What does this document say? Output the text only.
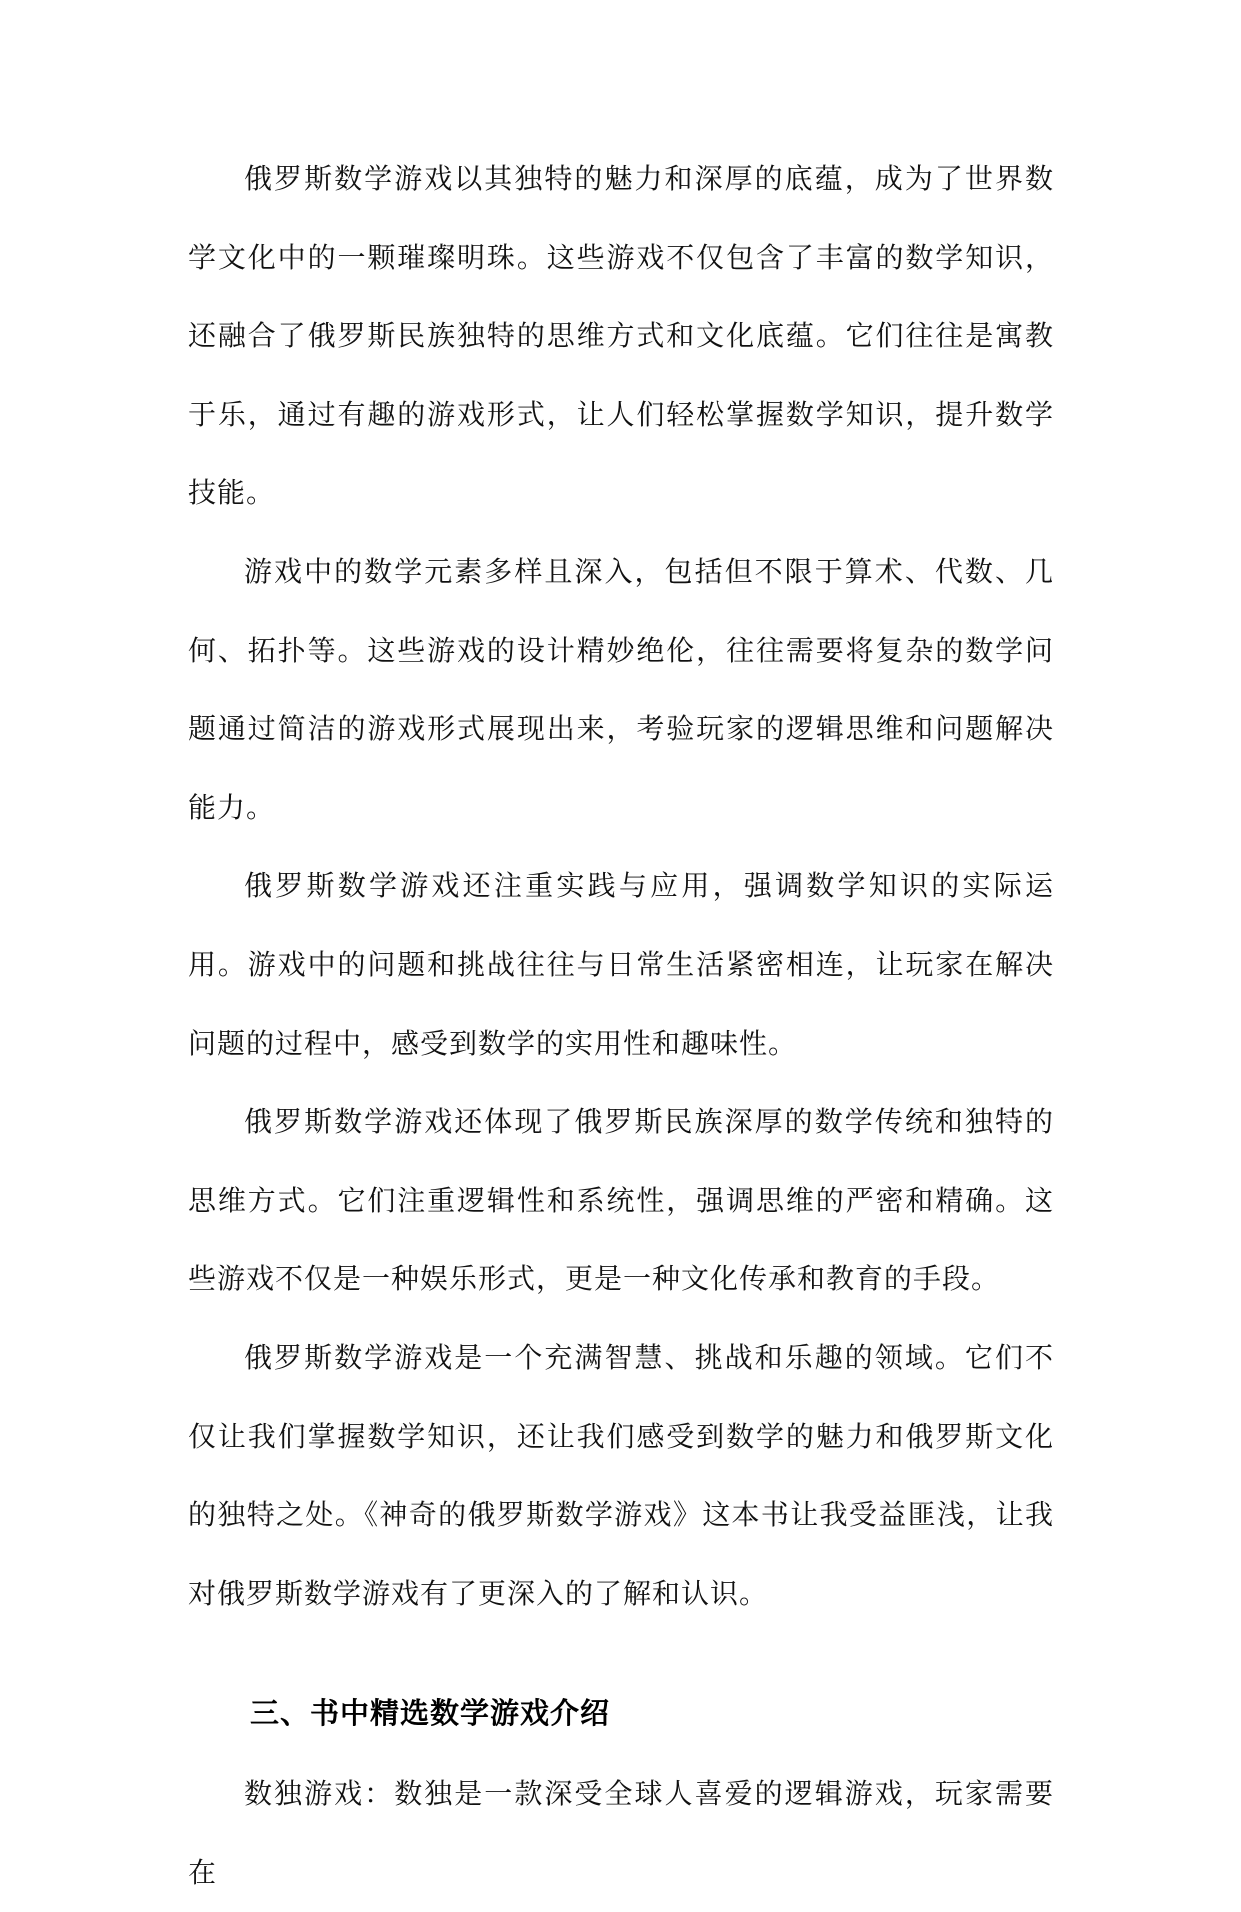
俄罗斯数学游戏以其独特的魅力和深厚的底蕴，成为了世界数学文化中的一颗璀璨明珠。这些游戏不仅包含了丰富的数学知识，还融合了俄罗斯民族独特的思维方式和文化底蕴。它们往往是寓教于乐，通过有趣的游戏形式，让人们轻松掌握数学知识，提升数学技能。

游戏中的数学元素多样且深入，包括但不限于算术、代数、几何、拓扑等。这些游戏的设计精妙绝伦，往往需要将复杂的数学问题通过简洁的游戏形式展现出来，考验玩家的逻辑思维和问题解决能力。

俄罗斯数学游戏还注重实践与应用，强调数学知识的实际运用。游戏中的问题和挑战往往与日常生活紧密相连，让玩家在解决问题的过程中，感受到数学的实用性和趣味性。

俄罗斯数学游戏还体现了俄罗斯民族深厚的数学传统和独特的思维方式。它们注重逻辑性和系统性，强调思维的严密和精确。这些游戏不仅是一种娱乐形式，更是一种文化传承和教育的手段。

俄罗斯数学游戏是一个充满智慧、挑战和乐趣的领域。它们不仅让我们掌握数学知识，还让我们感受到数学的魅力和俄罗斯文化的独特之处。《神奇的俄罗斯数学游戏》这本书让我受益匪浅，让我对俄罗斯数学游戏有了更深入的了解和认识。

三、书中精选数学游戏介绍

数独游戏：数独是一款深受全球人喜爱的逻辑游戏，玩家需要在
